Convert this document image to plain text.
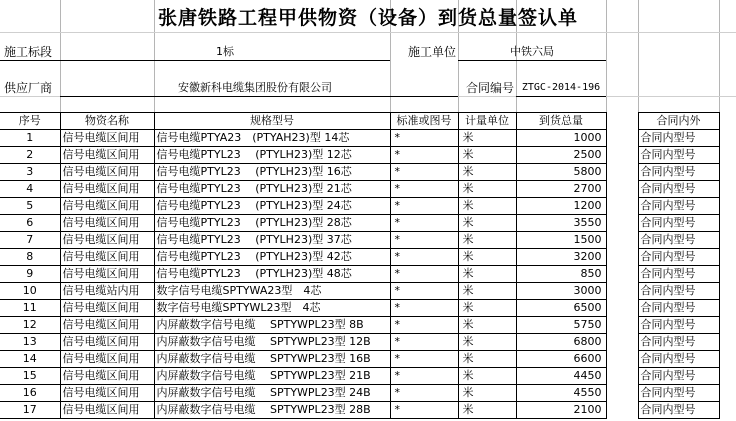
张唐铁路工程甲供物资（设备）到货总量签认单
施工标段	1标	施工单位	中铁六局
供应厂商	安徽新科电缆集团股份有限公司	合同编号 ZTGC-2014-196
序号	物资名称	规格型号	标准或图号	计量单位	到货总量		合同内外	
1	信号电缆区间用	信号电缆PTYA23　(PTYAH23)型 14芯	*	米	1000		合同内型号	
2	信号电缆区间用	信号电缆PTYL23　 (PTYLH23)型 12芯	*	米	2500		合同内型号	
3	信号电缆区间用	信号电缆PTYL23　 (PTYLH23)型 16芯	*	米	5800		合同内型号	
4	信号电缆区间用	信号电缆PTYL23　 (PTYLH23)型 21芯	*	米	2700		合同内型号	
5	信号电缆区间用	信号电缆PTYL23　 (PTYLH23)型 24芯	*	米	1200		合同内型号	
6	信号电缆区间用	信号电缆PTYL23　 (PTYLH23)型 28芯	*	米	3550		合同内型号	
7	信号电缆区间用	信号电缆PTYL23　 (PTYLH23)型 37芯	*	米	1500		合同内型号	
8	信号电缆区间用	信号电缆PTYL23　 (PTYLH23)型 42芯	*	米	3200		合同内型号	
9	信号电缆区间用	信号电缆PTYL23　 (PTYLH23)型 48芯	*	米	850		合同内型号	
10	信号电缆站内用	数字信号电缆SPTYWA23型　4芯	*	米	3000		合同内型号	
11	信号电缆区间用	数字信号电缆SPTYWL23型　4芯	*	米	6500		合同内型号	
12	信号电缆区间用	内屏蔽数字信号电缆　 SPTYWPL23型 8B	*	米	5750		合同内型号	
13	信号电缆区间用	内屏蔽数字信号电缆　 SPTYWPL23型 12B	*	米	6800		合同内型号	
14	信号电缆区间用	内屏蔽数字信号电缆　 SPTYWPL23型 16B	*	米	6600		合同内型号	
15	信号电缆区间用	内屏蔽数字信号电缆　 SPTYWPL23型 21B	*	米	4450		合同内型号	
16	信号电缆区间用	内屏蔽数字信号电缆　 SPTYWPL23型 24B	*	米	4550		合同内型号	
17	信号电缆区间用	内屏蔽数字信号电缆　 SPTYWPL23型 28B	*	米	2100		合同内型号	
